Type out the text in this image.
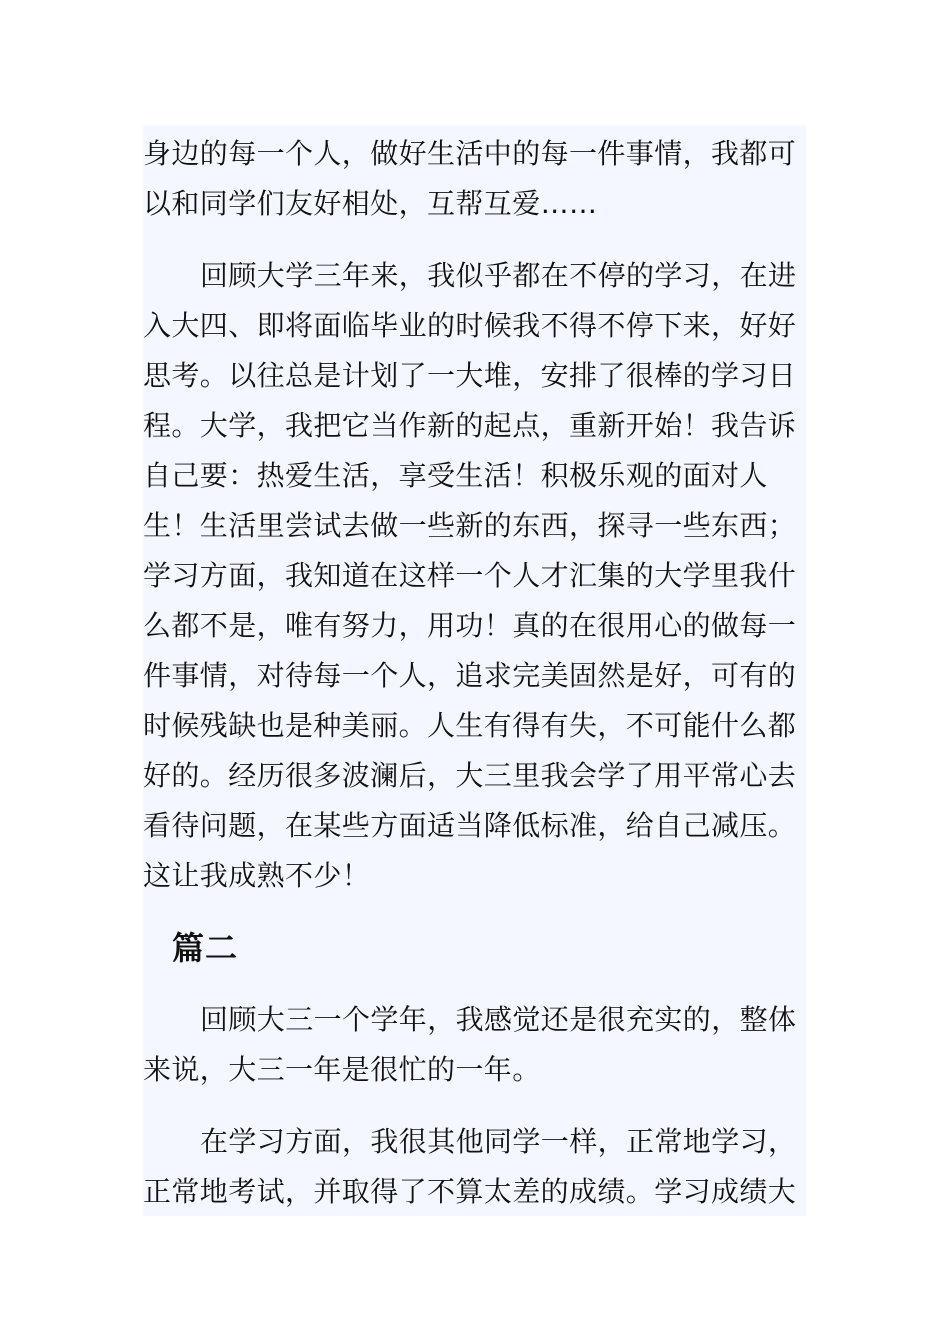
身边的每一个人，做好生活中的每一件事情，我都可以和同学们友好相处，互帮互爱……

回顾大学三年来，我似乎都在不停的学习，在进入大四、即将面临毕业的时候我不得不停下来，好好思考。以往总是计划了一大堆，安排了很棒的学习日程。大学，我把它当作新的起点，重新开始！我告诉自己要：热爱生活，享受生活！积极乐观的面对人生！生活里尝试去做一些新的东西，探寻一些东西；学习方面，我知道在这样一个人才汇集的大学里我什么都不是，唯有努力，用功！真的在很用心的做每一件事情，对待每一个人，追求完美固然是好，可有的时候残缺也是种美丽。人生有得有失，不可能什么都好的。经历很多波澜后，大三里我会学了用平常心去看待问题，在某些方面适当降低标准，给自己减压。这让我成熟不少！

篇二

回顾大三一个学年，我感觉还是很充实的，整体来说，大三一年是很忙的一年。

在学习方面，我很其他同学一样，正常地学习，正常地考试，并取得了不算太差的成绩。学习成绩大
